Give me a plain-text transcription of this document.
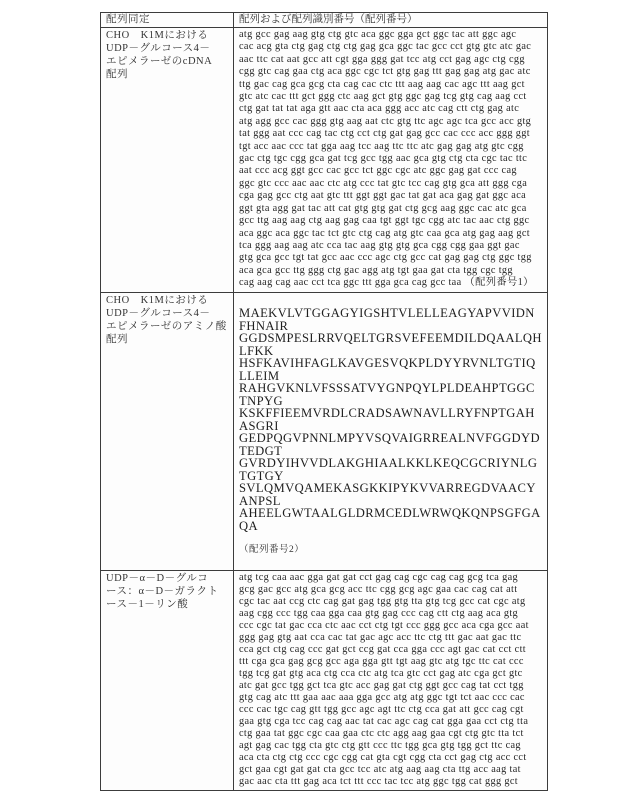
配列同定	配列および配列識別番号（配列番号）
CHO　K1Mにおける
UDP－グルコース4－
エピメラーゼのcDNA
配列
atg gcc gag aag gtg ctg gtc aca ggc gga gct ggc tac att ggc agc
cac acg gta ctg gag ctg ctg gag gca ggc tac gcc cct gtg gtc atc gac
aac ttc cat aat gcc att cgt gga ggg gat tcc atg cct gag agc ctg cgg
cgg gtc cag gaa ctg aca ggc cgc tct gtg gag ttt gag gag atg gac atc
ttg gac cag gca gcg cta cag cac ctc ttt aag aag cac agc ttt aag gct
gtc atc cac ttt gct ggg ctc aag gct gtg ggc gag tcg gtg cag aag cct
ctg gat tat tat aga gtt aac cta aca ggg acc atc cag ctt ctg gag atc
atg agg gcc cac ggg gtg aag aat ctc gtg ttc agc agc tca gcc acc gtg
tat ggg aat ccc cag tac ctg cct ctg gat gag gcc cac ccc acc ggg ggt
tgt acc aac ccc tat gga aag tcc aag ttc ttc atc gag gag atg gtc cgg
gac ctg tgc cgg gca gat tcg gcc tgg aac gca gtg ctg cta cgc tac ttc
aat ccc acg ggt gcc cac gcc tct ggc cgc atc ggc gag gat ccc cag
ggc gtc ccc aac aac ctc atg ccc tat gtc tcc cag gtg gca att ggg cga
cga gag gcc ctg aat gtc ttt ggt ggt gac tat gat aca gag gat ggc aca
ggt gta agg gat tac att cat gtg gtg gat ctg gcg aag ggc cac atc gca
gcc ttg aag aag ctg aag gag caa tgt ggt tgc cgg atc tac aac ctg ggc
aca ggc aca ggc tac tct gtc ctg cag atg gtc caa gca atg gag aag gct
tca ggg aag aag atc cca tac aag gtg gtg gca cgg cgg gaa ggt gac
gtg gca gcc tgt tat gcc aac ccc agc ctg gcc cat gag gag ctg ggc tgg
aca gca gcc ttg ggg ctg gac agg atg tgt gaa gat cta tgg cgc tgg
cag aag cag aac cct tca ggc ttt gga gca cag gcc taa （配列番号1）
CHO　K1Mにおける
UDP－グルコース4－
エピメラーゼのアミノ酸
配列

MAEKVLVTGGAGYIGSHTVLELLEAGYAPVVIDNFHNAIR
GGDSMPESLRRVQELTGRSVEFEEMDILDQAALQHLFKK
HSFKAVIHFAGLKAVGESVQKPLDYYRVNLTGTIQLLEIM
RAHGVKNLVFSSSATVYGNPQYLPLDEAHPTGGCTNPYG
KSKFFIEEMVRDLCRADSAWNAVLLRYFNPTGAHASGRI
GEDPQGVPNNLMPYVSQVAIGRREALNVFGGDYDTEDGT
GVRDYIHVVDLAKGHIAALKKLKEQCGCRIYNLGTGTGY
SVLQMVQAMEKASGKKIPYKVVARREGDVAACYANPSL
AHEELGWTAALGLDRMCEDLWRWQKQNPSGFGAQA

（配列番号2）

UDP－α－D－グルコ
ース：α－D－ガラクト
ース－1－リン酸
atg tcg caa aac gga gat gat cct gag cag cgc cag cag gcg tca gag
gcg gac gcc atg gca gcg acc ttc cgg gcg agc gaa cac cag cat att
cgc tac aat ccg ctc cag gat gag tgg gtg tta gtg tcg gcc cat cgc atg
aag cgg ccc tgg caa gga caa gtg gag ccc cag ctt ctg aag aca gtg
ccc cgc tat gac cca ctc aac cct ctg tgt ccc ggg gcc aca cga gcc aat
ggg gag gtg aat cca cac tat gac agc acc ttc ctg ttt gac aat gac ttc
cca gct ctg cag ccc gat gct ccg gat cca gga ccc agt gac cat cct ctt
ttt cga gca gag gcg gcc aga gga gtt tgt aag gtc atg tgc ttc cat ccc
tgg tcg gat gtg aca ctg cca ctc atg tca gtc cct gag atc cga gct gtc
atc gat gcc tgg gct tca gtc acc gag gat ctg ggt gcc cag tat cct tgg
gtg cag atc ttt gaa aac aaa gga gcc atg atg ggc tgt tct aac ccc cac
ccc cac tgc cag gtt tgg gcc agc agt ttc ctg cca gat att gcc cag cgt
gaa gtg cga tcc cag cag aac tat cac agc cag cat gga gaa cct ctg tta
ctg gaa tat ggc cgc caa gaa ctc ctc agg aag gaa cgt ctg gtc tta tct
agt gag cac tgg cta gtc ctg gtt ccc ttc tgg gca gtg tgg gct ttc cag
aca cta ctg ctg ccc cgc cgg cat gta cgt cgg cta cct gag ctg acc cct
gct gaa cgt gat gat cta gcc tcc atc atg aag aag cta ttg acc aag tat
gac aac cta ttt gag aca tct ttt ccc tac tcc atg ggc tgg cat ggg gct
